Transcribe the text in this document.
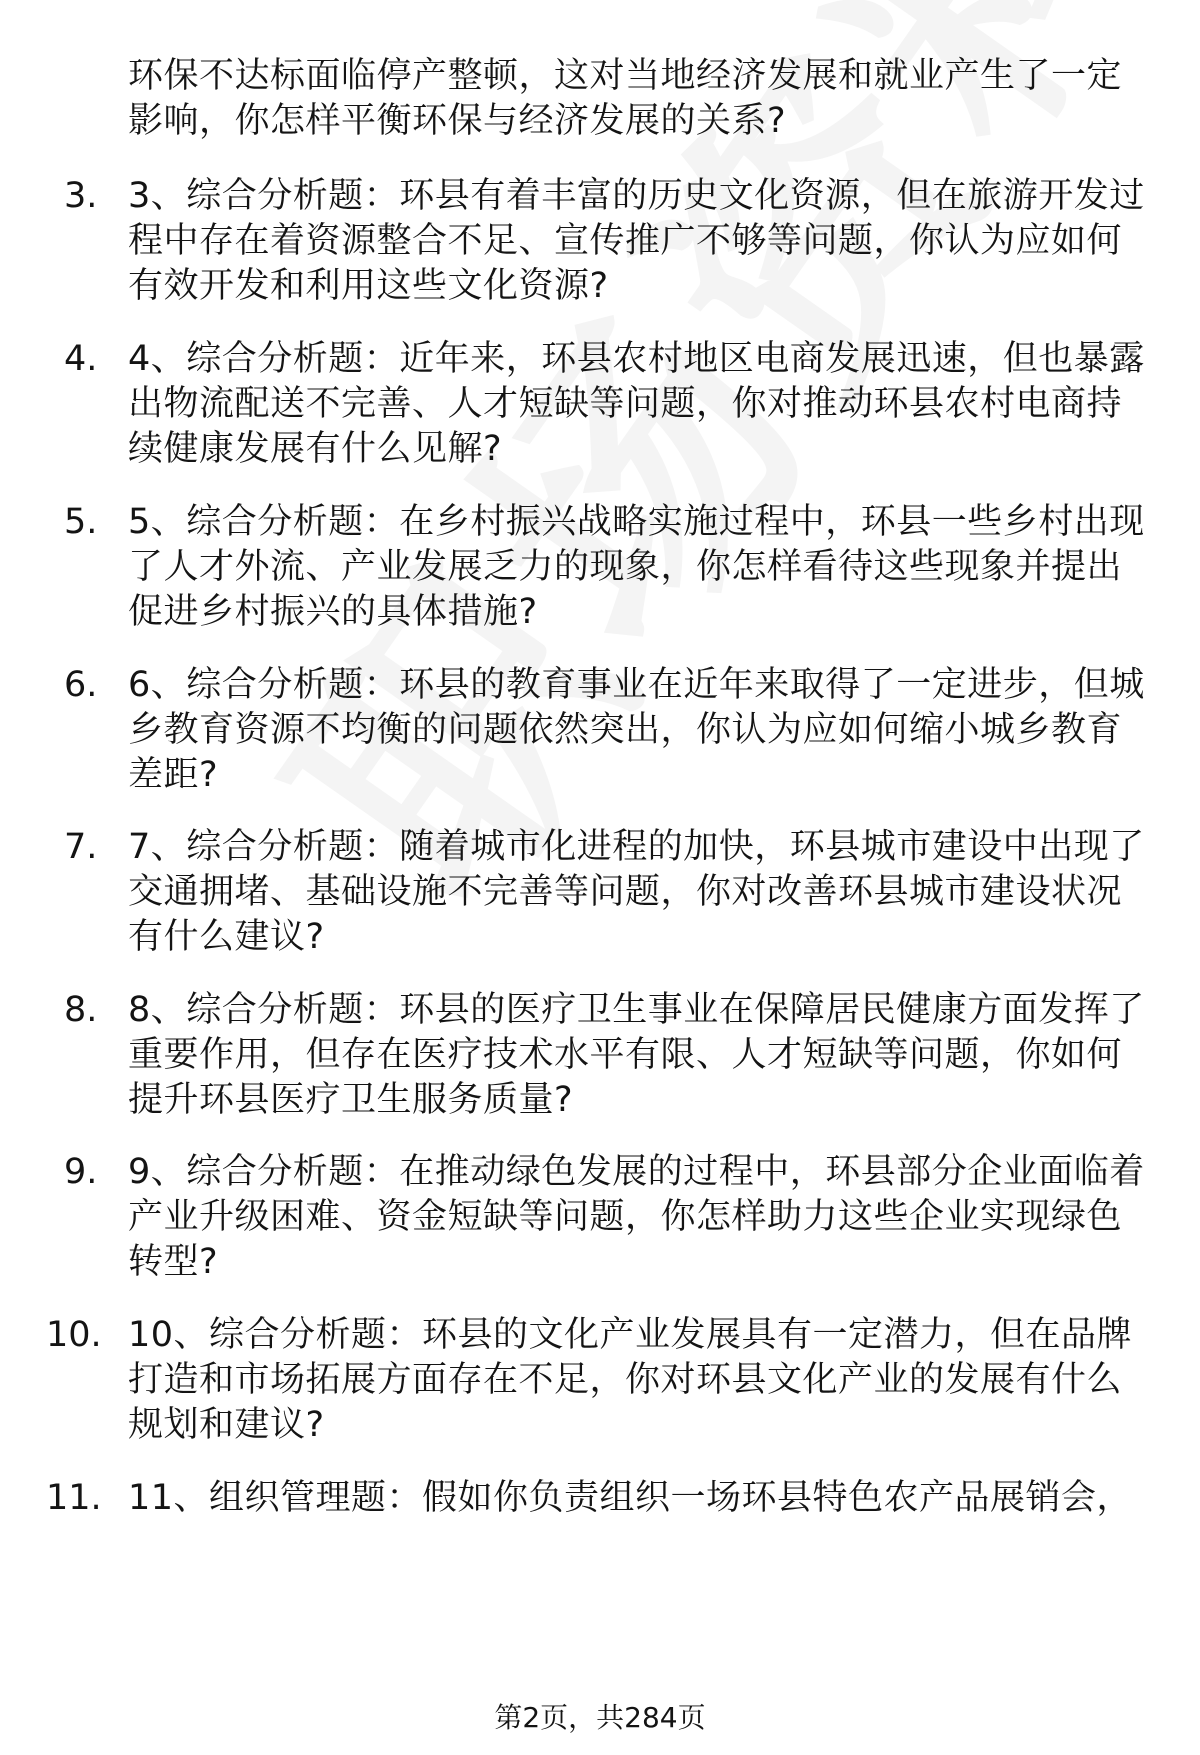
环保不达标面临停产整顿，这对当地经济发展和就业产生了一定
影响，你怎样平衡环保与经济发展的关系?
3. 3、综合分析题：环县有着丰富的历史文化资源，但在旅游开发过
程中存在着资源整合不足、宣传推广不够等问题，你认为应如何
有效开发和利用这些文化资源?
4. 4、综合分析题：近年来，环县农村地区电商发展迅速，但也暴露
出物流配送不完善、人才短缺等问题，你对推动环县农村电商持
续健康发展有什么见解?
5. 5、综合分析题：在乡村振兴战略实施过程中，环县一些乡村出现
了人才外流、产业发展乏力的现象，你怎样看待这些现象并提出
促进乡村振兴的具体措施?
6. 6、综合分析题：环县的教育事业在近年来取得了一定进步，但城
乡教育资源不均衡的问题依然突出，你认为应如何缩小城乡教育
差距?
7. 7、综合分析题：随着城市化进程的加快，环县城市建设中出现了
交通拥堵、基础设施不完善等问题，你对改善环县城市建设状况
有什么建议?
8. 8、综合分析题：环县的医疗卫生事业在保障居民健康方面发挥了
重要作用，但存在医疗技术水平有限、人才短缺等问题，你如何
提升环县医疗卫生服务质量?
9. 9、综合分析题：在推动绿色发展的过程中，环县部分企业面临着
产业升级困难、资金短缺等问题，你怎样助力这些企业实现绿色
转型?
10. 10、综合分析题：环县的文化产业发展具有一定潜力，但在品牌
打造和市场拓展方面存在不足，你对环县文化产业的发展有什么
规划和建议?
11. 11、组织管理题：假如你负责组织一场环县特色农产品展销会，
第2页，共284页
